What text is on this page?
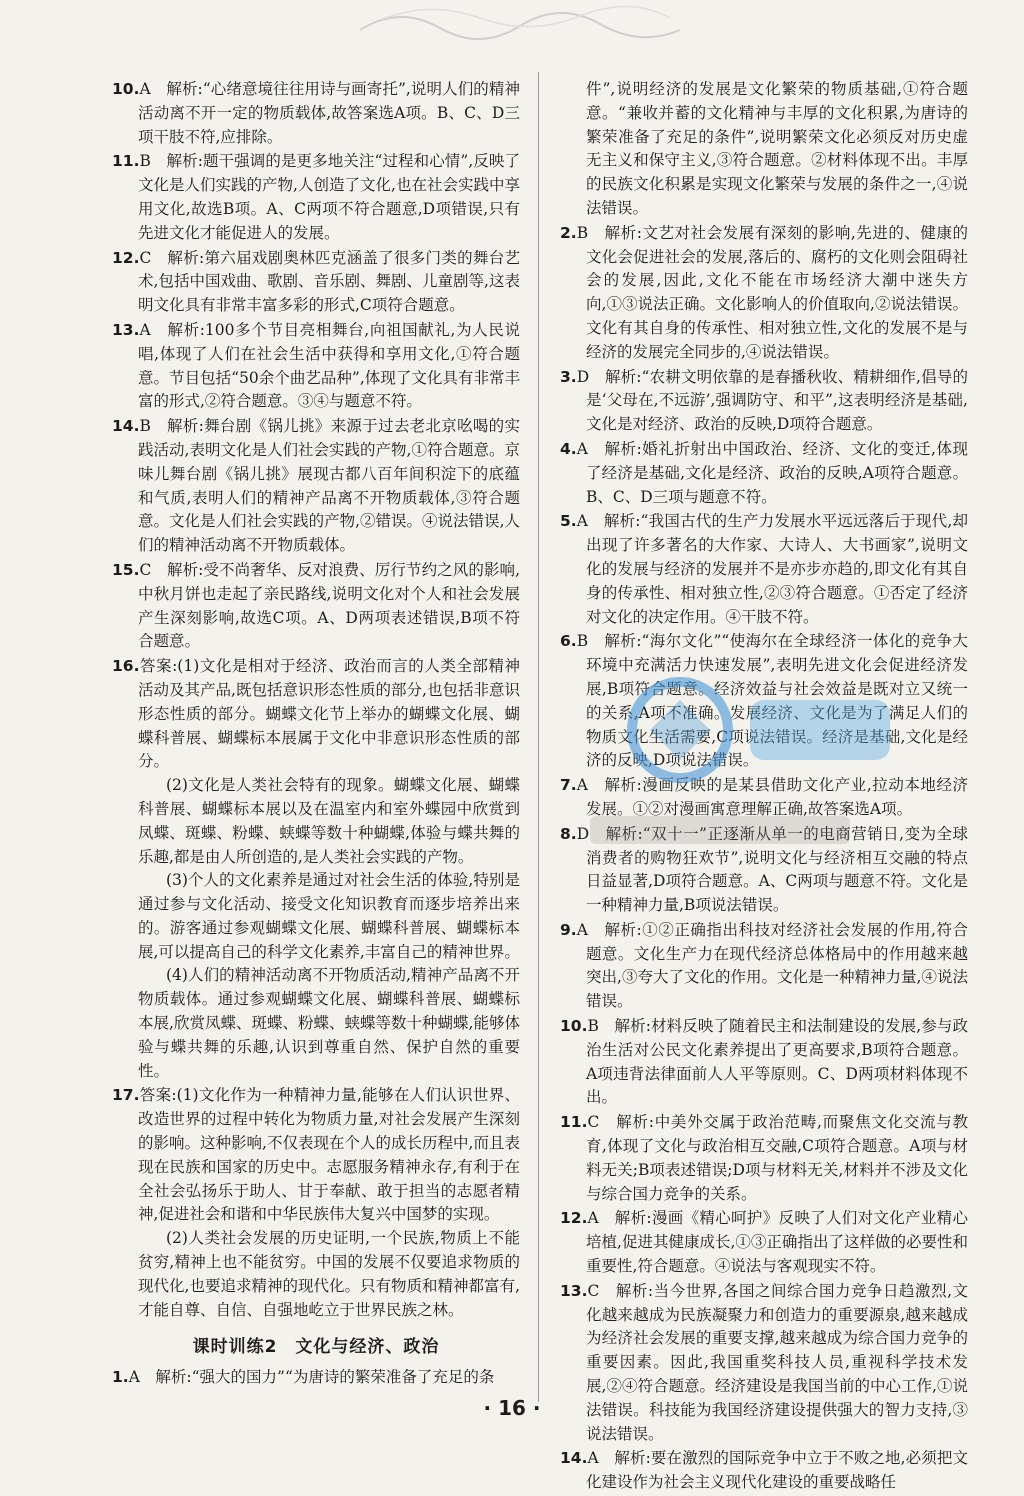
10.A　解析:“心绪意境往往用诗与画寄托”,说明人们的精神活动离不开一定的物质载体,故答案选A项。B、C、D三项干肢不符,应排除。
11.B　解析:题干强调的是更多地关注“过程和心情”,反映了文化是人们实践的产物,人创造了文化,也在社会实践中享用文化,故选B项。A、C两项不符合题意,D项错误,只有先进文化才能促进人的发展。
12.C　解析:第六届戏剧奥林匹克涵盖了很多门类的舞台艺术,包括中国戏曲、歌剧、音乐剧、舞剧、儿童剧等,这表明文化具有非常丰富多彩的形式,C项符合题意。
13.A　解析:100多个节目亮相舞台,向祖国献礼,为人民说唱,体现了人们在社会生活中获得和享用文化,①符合题意。节目包括“50余个曲艺品种”,体现了文化具有非常丰富的形式,②符合题意。③④与题意不符。
14.B　解析:舞台剧《锅儿挑》来源于过去老北京吆喝的实践活动,表明文化是人们社会实践的产物,①符合题意。京味儿舞台剧《锅儿挑》展现古都八百年间积淀下的底蕴和气质,表明人们的精神产品离不开物质载体,③符合题意。文化是人们社会实践的产物,②错误。④说法错误,人们的精神活动离不开物质载体。
15.C　解析:受不尚奢华、反对浪费、厉行节约之风的影响,中秋月饼也走起了亲民路线,说明文化对个人和社会发展产生深刻影响,故选C项。A、D两项表述错误,B项不符合题意。
16.答案:(1)文化是相对于经济、政治而言的人类全部精神活动及其产品,既包括意识形态性质的部分,也包括非意识形态性质的部分。蝴蝶文化节上举办的蝴蝶文化展、蝴蝶科普展、蝴蝶标本展属于文化中非意识形态性质的部分。
(2)文化是人类社会特有的现象。蝴蝶文化展、蝴蝶科普展、蝴蝶标本展以及在温室内和室外蝶园中欣赏到凤蝶、斑蝶、粉蝶、蛱蝶等数十种蝴蝶,体验与蝶共舞的乐趣,都是由人所创造的,是人类社会实践的产物。
(3)个人的文化素养是通过对社会生活的体验,特别是通过参与文化活动、接受文化知识教育而逐步培养出来的。游客通过参观蝴蝶文化展、蝴蝶科普展、蝴蝶标本展,可以提高自己的科学文化素养,丰富自己的精神世界。
(4)人们的精神活动离不开物质活动,精神产品离不开物质载体。通过参观蝴蝶文化展、蝴蝶科普展、蝴蝶标本展,欣赏凤蝶、斑蝶、粉蝶、蛱蝶等数十种蝴蝶,能够体验与蝶共舞的乐趣,认识到尊重自然、保护自然的重要性。
17.答案:(1)文化作为一种精神力量,能够在人们认识世界、改造世界的过程中转化为物质力量,对社会发展产生深刻的影响。这种影响,不仅表现在个人的成长历程中,而且表现在民族和国家的历史中。志愿服务精神永存,有利于在全社会弘扬乐于助人、甘于奉献、敢于担当的志愿者精神,促进社会和谐和中华民族伟大复兴中国梦的实现。
(2)人类社会发展的历史证明,一个民族,物质上不能贫穷,精神上也不能贫穷。中国的发展不仅要追求物质的现代化,也要追求精神的现代化。只有物质和精神都富有,才能自尊、自信、自强地屹立于世界民族之林。
课时训练2　文化与经济、政治
1.A　解析:“强大的国力”“为唐诗的繁荣准备了充足的条
件”,说明经济的发展是文化繁荣的物质基础,①符合题意。“兼收并蓄的文化精神与丰厚的文化积累,为唐诗的繁荣准备了充足的条件”,说明繁荣文化必须反对历史虚无主义和保守主义,③符合题意。②材料体现不出。丰厚的民族文化积累是实现文化繁荣与发展的条件之一,④说法错误。
2.B　解析:文艺对社会发展有深刻的影响,先进的、健康的文化会促进社会的发展,落后的、腐朽的文化则会阻碍社会的发展,因此,文化不能在市场经济大潮中迷失方向,①③说法正确。文化影响人的价值取向,②说法错误。文化有其自身的传承性、相对独立性,文化的发展不是与经济的发展完全同步的,④说法错误。
3.D　解析:“农耕文明依靠的是春播秋收、精耕细作,倡导的是‘父母在,不远游’,强调防守、和平”,这表明经济是基础,文化是对经济、政治的反映,D项符合题意。
4.A　解析:婚礼折射出中国政治、经济、文化的变迁,体现了经济是基础,文化是经济、政治的反映,A项符合题意。B、C、D三项与题意不符。
5.A　解析:“我国古代的生产力发展水平远远落后于现代,却出现了许多著名的大作家、大诗人、大书画家”,说明文化的发展与经济的发展并不是亦步亦趋的,即文化有其自身的传承性、相对独立性,②③符合题意。①否定了经济对文化的决定作用。④干肢不符。
6.B　解析:“海尔文化”“使海尔在全球经济一体化的竞争大环境中充满活力快速发展”,表明先进文化会促进经济发展,B项符合题意。经济效益与社会效益是既对立又统一的关系,A项不准确。发展经济、文化是为了满足人们的物质文化生活需要,C项说法错误。经济是基础,文化是经济的反映,D项说法错误。
7.A　解析:漫画反映的是某县借助文化产业,拉动本地经济发展。①②对漫画寓意理解正确,故答案选A项。
8.D　解析:“双十一”正逐渐从单一的电商营销日,变为全球消费者的购物狂欢节”,说明文化与经济相互交融的特点日益显著,D项符合题意。A、C两项与题意不符。文化是一种精神力量,B项说法错误。
9.A　解析:①②正确指出科技对经济社会发展的作用,符合题意。文化生产力在现代经济总体格局中的作用越来越突出,③夸大了文化的作用。文化是一种精神力量,④说法错误。
10.B　解析:材料反映了随着民主和法制建设的发展,参与政治生活对公民文化素养提出了更高要求,B项符合题意。A项违背法律面前人人平等原则。C、D两项材料体现不出。
11.C　解析:中美外交属于政治范畴,而聚焦文化交流与教育,体现了文化与政治相互交融,C项符合题意。A项与材料无关;B项表述错误;D项与材料无关,材料并不涉及文化与综合国力竞争的关系。
12.A　解析:漫画《精心呵护》反映了人们对文化产业精心培植,促进其健康成长,①③正确指出了这样做的必要性和重要性,符合题意。④说法与客观现实不符。
13.C　解析:当今世界,各国之间综合国力竞争日趋激烈,文化越来越成为民族凝聚力和创造力的重要源泉,越来越成为经济社会发展的重要支撑,越来越成为综合国力竞争的重要因素。因此,我国重奖科技人员,重视科学技术发展,②④符合题意。经济建设是我国当前的中心工作,①说法错误。科技能为我国经济建设提供强大的智力支持,③说法错误。
14.A　解析:要在激烈的国际竞争中立于不败之地,必须把文化建设作为社会主义现代化建设的重要战略任
· 16 ·
